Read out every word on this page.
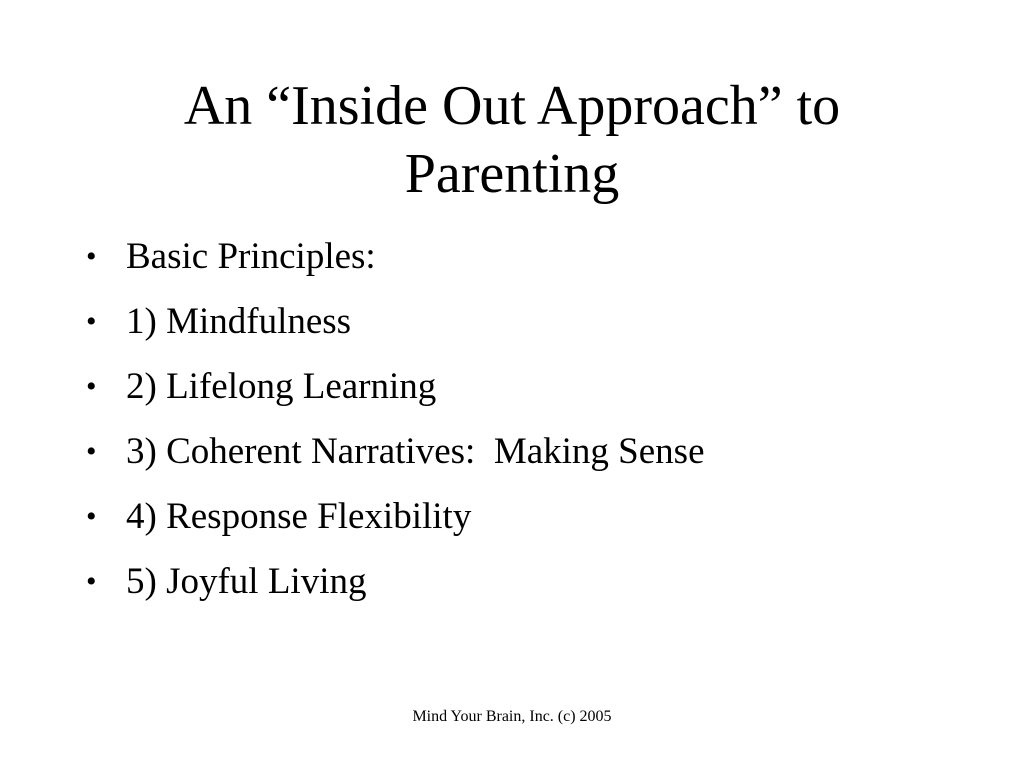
An “Inside Out Approach” to
Parenting

•

Basic Principles:

•

1) Mindfulness

•

2) Lifelong Learning

•

3) Coherent Narratives:  Making Sense

•

4) Response Flexibility

•

5) Joyful Living

Mind Your Brain, Inc. (c) 2005
